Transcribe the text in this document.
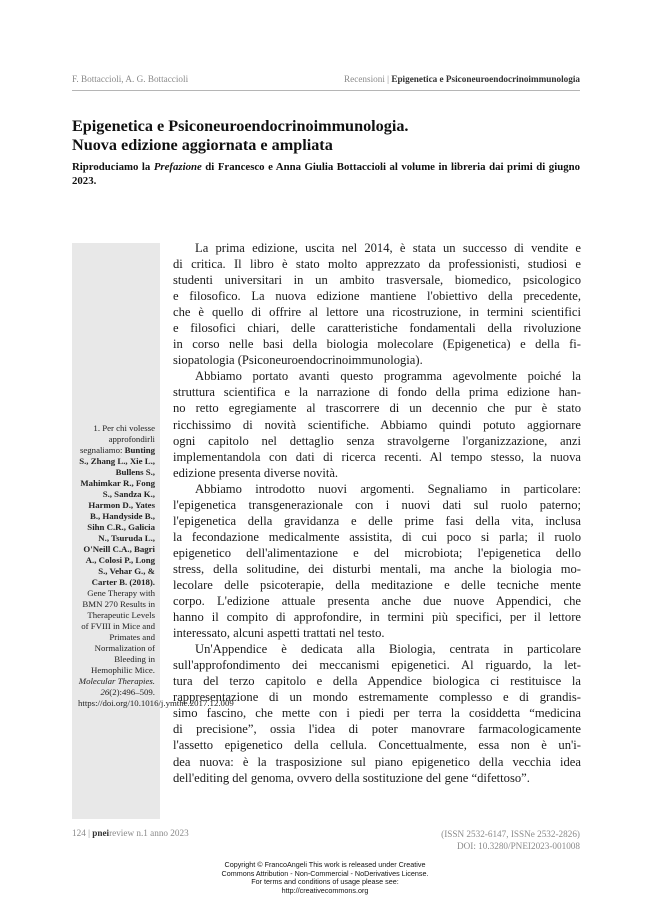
F. Bottaccioli, A. G. Bottaccioli	Recensioni | Epigenetica e Psiconeuroendocrinoimmunologia
Epigenetica e Psiconeuroendocrinoimmunologia.
Nuova edizione aggiornata e ampliata

Riproduciamo la Prefazione di Francesco e Anna Giulia Bottaccioli al volume in libreria dai primi di giugno 2023.

1. Per chi volesse approfondirli segnaliamo: Bunting S., Zhang L., Xie L., Bullens S., Mahimkar R., Fong S., Sandza K., Harmon D., Yates B., Handyside B., Sihn C.R., Galicia N., Tsuruda L., O'Neill C.A., Bagri A., Colosi P., Long S., Vehar G., & Carter B. (2018). Gene Therapy with BMN 270 Results in Therapeutic Levels of FVIII in Mice and Primates and Normalization of Bleeding in Hemophilic Mice. Molecular Therapies. 26(2):496–509. https://doi.org/10.1016/j.ymthe.2017.12.009

La prima edizione, uscita nel 2014, è stata un successo di vendite e
di critica. Il libro è stato molto apprezzato da professionisti, studiosi e
studenti universitari in un ambito trasversale, biomedico, psicologico
e filosofico. La nuova edizione mantiene l'obiettivo della precedente,
che è quello di offrire al lettore una ricostruzione, in termini scientifici
e filosofici chiari, delle caratteristiche fondamentali della rivoluzione
in corso nelle basi della biologia molecolare (Epigenetica) e della fi-
siopatologia (Psiconeuroendocrinoimmunologia).
Abbiamo portato avanti questo programma agevolmente poiché la
struttura scientifica e la narrazione di fondo della prima edizione han-
no retto egregiamente al trascorrere di un decennio che pur è stato
ricchissimo di novità scientifiche. Abbiamo quindi potuto aggiornare
ogni capitolo nel dettaglio senza stravolgerne l'organizzazione, anzi
implementandola con dati di ricerca recenti. Al tempo stesso, la nuova
edizione presenta diverse novità.
Abbiamo introdotto nuovi argomenti. Segnaliamo in particolare:
l'epigenetica transgenerazionale con i nuovi dati sul ruolo paterno;
l'epigenetica della gravidanza e delle prime fasi della vita, inclusa
la fecondazione medicalmente assistita, di cui poco si parla; il ruolo
epigenetico dell'alimentazione e del microbiota; l'epigenetica dello
stress, della solitudine, dei disturbi mentali, ma anche la biologia mo-
lecolare delle psicoterapie, della meditazione e delle tecniche mente
corpo. L'edizione attuale presenta anche due nuove Appendici, che
hanno il compito di approfondire, in termini più specifici, per il lettore
interessato, alcuni aspetti trattati nel testo.
Un'Appendice è dedicata alla Biologia, centrata in particolare
sull'approfondimento dei meccanismi epigenetici. Al riguardo, la let-
tura del terzo capitolo e della Appendice biologica ci restituisce la
rappresentazione di un mondo estremamente complesso e di grandis-
simo fascino, che mette con i piedi per terra la cosiddetta “medicina
di precisione”, ossia l'idea di poter manovrare farmacologicamente
l'assetto epigenetico della cellula. Concettualmente, essa non è un'i-
dea nuova: è la trasposizione sul piano epigenetico della vecchia idea
dell'editing del genoma, ovvero della sostituzione del gene “difettoso”.
124 | pneireview n.1 anno 2023	(ISSN 2532-6147, ISSNe 2532-2826)
DOI: 10.3280/PNEI2023-001008
Copyright © FrancoAngeli This work is released under Creative
Commons Attribution - Non-Commercial - NoDerivatives License.
For terms and conditions of usage please see:
http://creativecommons.org
